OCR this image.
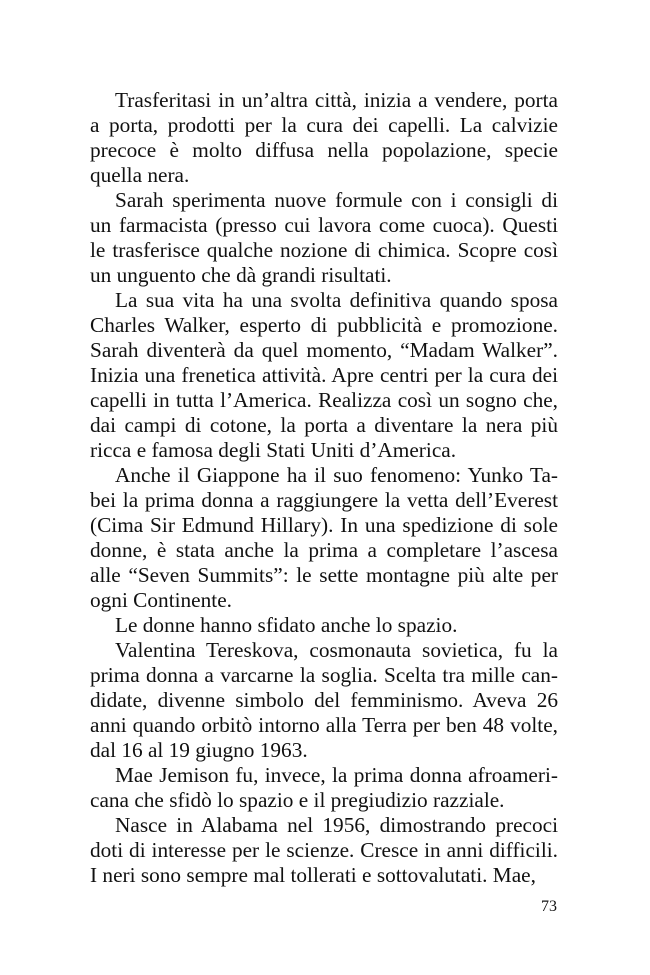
Trasferitasi in un’altra città, inizia a vendere, porta a porta, prodotti per la cura dei capelli. La calvizie precoce è molto diffusa nella popolazione, specie quella nera.

Sarah sperimenta nuove formule con i consigli di un farmacista (presso cui lavora come cuoca). Questi le trasferisce qualche nozione di chimica. Scopre così un unguento che dà grandi risultati.

La sua vita ha una svolta definitiva quando sposa Charles Walker, esperto di pubblicità e promozione. Sarah diventerà da quel momento, “Madam Walker”. Inizia una frenetica attività. Apre centri per la cura dei capelli in tutta l’America. Realizza così un sogno che, dai campi di cotone, la porta a diventare la nera più ricca e famosa degli Stati Uniti d’America.

Anche il Giappone ha il suo fenomeno: Yunko Tabei la prima donna a raggiungere la vetta dell’Everest (Cima Sir Edmund Hillary). In una spedizione di sole donne, è stata anche la prima a completare l’ascesa alle “Seven Summits”: le sette montagne più alte per ogni Continente.

Le donne hanno sfidato anche lo spazio.

Valentina Tereskova, cosmonauta sovietica, fu la prima donna a varcarne la soglia. Scelta tra mille candidate, divenne simbolo del femminismo. Aveva 26 anni quando orbitò intorno alla Terra per ben 48 volte, dal 16 al 19 giugno 1963.

Mae Jemison fu, invece, la prima donna afroamericana che sfidò lo spazio e il pregiudizio razziale.

Nasce in Alabama nel 1956, dimostrando precoci doti di interesse per le scienze. Cresce in anni difficili. I neri sono sempre mal tollerati e sottovalutati. Mae,

73
